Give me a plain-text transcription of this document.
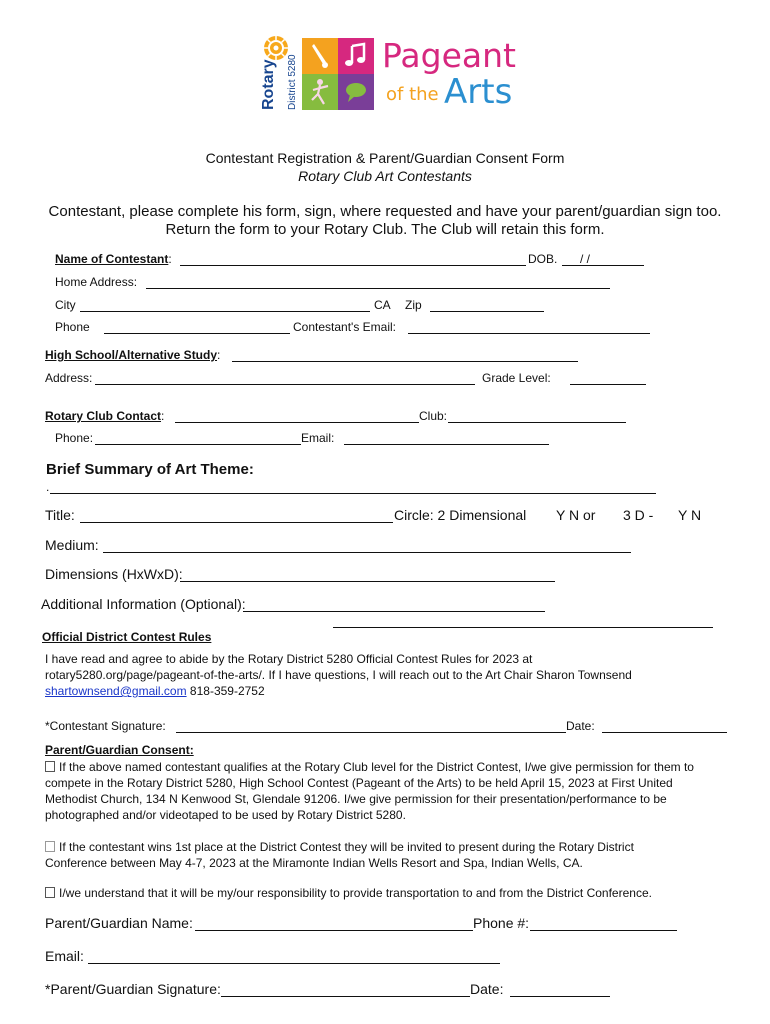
Rotary	District 5280	Pageant
of the Arts
Contestant Registration & Parent/Guardian Consent Form
Rotary Club Art Contestants
Contestant, please complete his form, sign, where requested and have your parent/guardian sign too.
Return the form to your Rotary Club. The Club will retain this form.
Name of Contestant:	DOB. / /
Home Address:
City	CA Zip
Phone	Contestant's Email:
High School/Alternative Study:
Address:	Grade Level:
Rotary Club Contact:	Club:
Phone:	Email:
Brief Summary of Art Theme:
.
Title:	Circle: 2 Dimensional Y N or 3 D - Y N
Medium:
Dimensions (HxWxD):
Additional Information (Optional):
Official District Contest Rules
I have read and agree to abide by the Rotary District 5280 Official Contest Rules for 2023 at
rotary5280.org/page/pageant-of-the-arts/. If I have questions, I will reach out to the Art Chair Sharon Townsend
shartownsend@gmail.com 818-359-2752
*Contestant Signature:	Date:
Parent/Guardian Consent:
If the above named contestant qualifies at the Rotary Club level for the District Contest, I/we give permission for them to compete in the Rotary District 5280, High School Contest (Pageant of the Arts) to be held April 15, 2023 at First United Methodist Church, 134 N Kenwood St, Glendale 91206. I/we give permission for their presentation/performance to be photographed and/or videotaped to be used by Rotary District 5280.
If the contestant wins 1st place at the District Contest they will be invited to present during the Rotary District Conference between May 4-7, 2023 at the Miramonte Indian Wells Resort and Spa, Indian Wells, CA.
I/we understand that it will be my/our responsibility to provide transportation to and from the District Conference.
Parent/Guardian Name:	Phone #:
Email:
*Parent/Guardian Signature:	Date:
